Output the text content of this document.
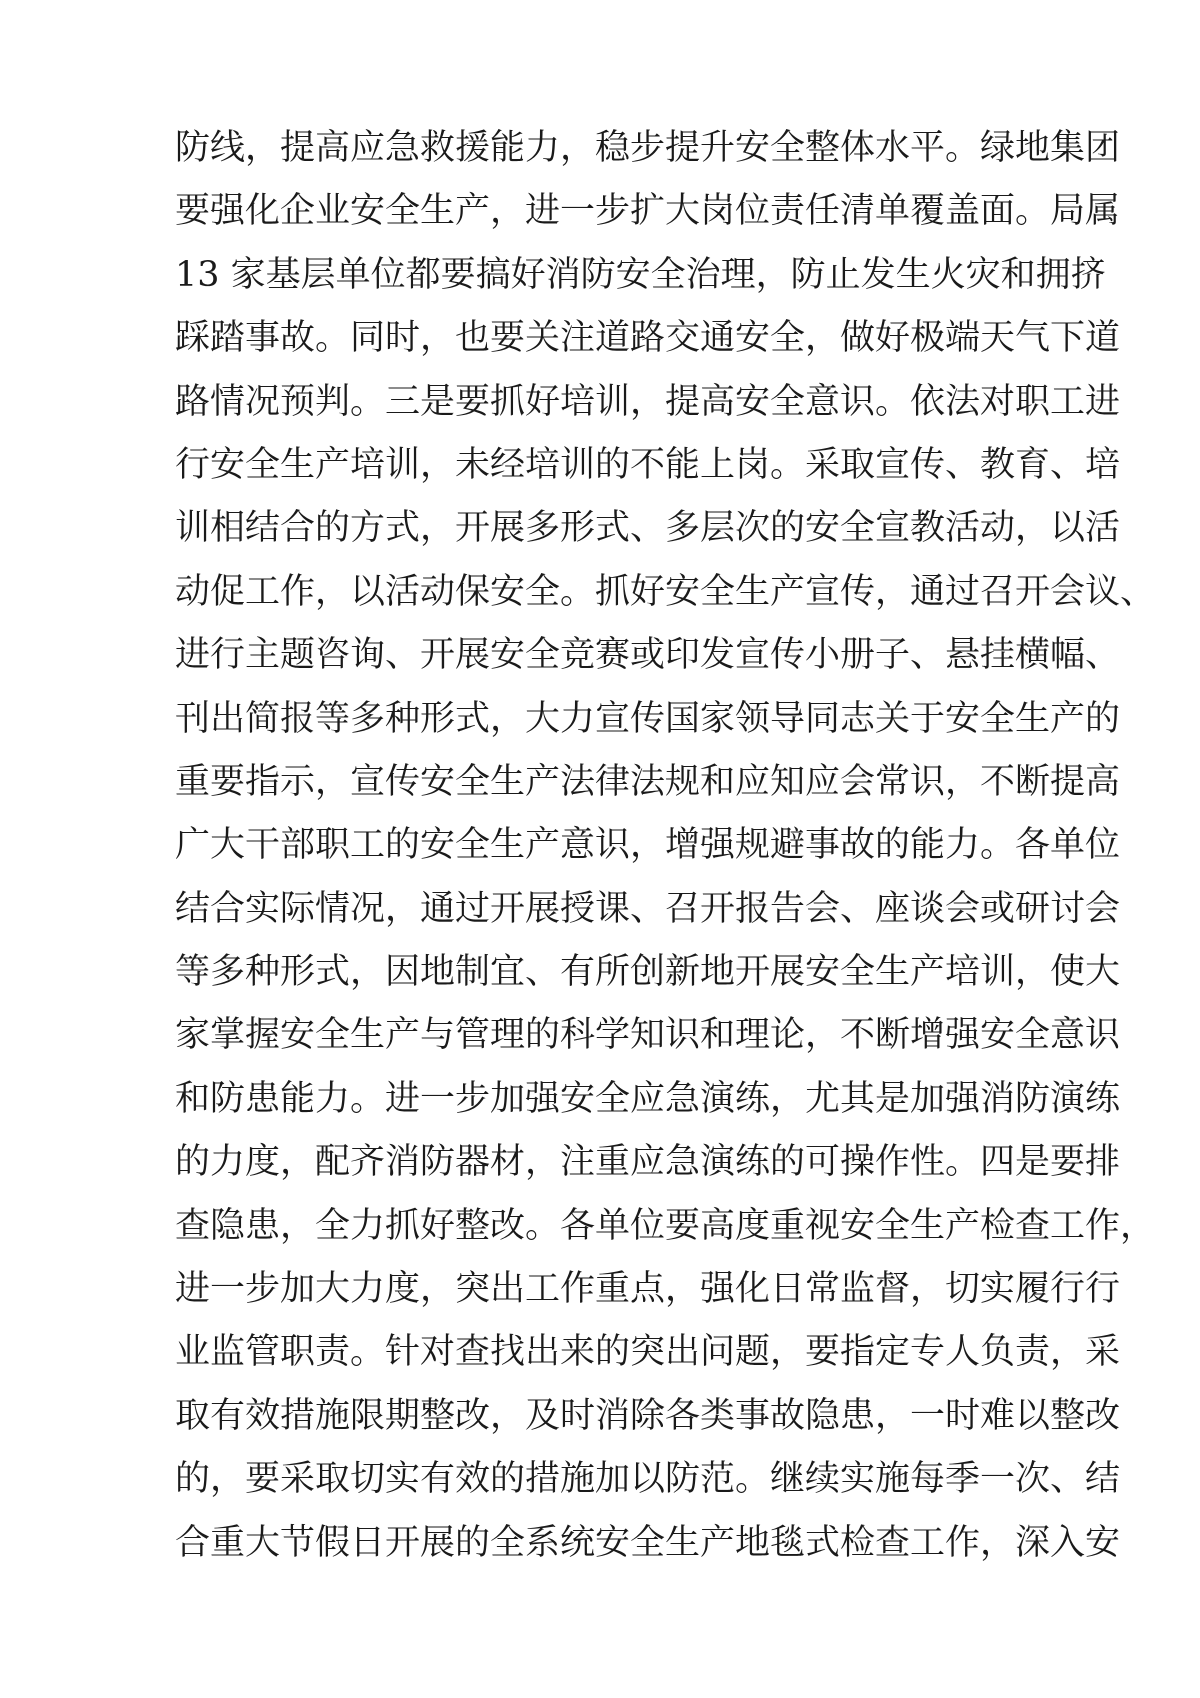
防线，提高应急救援能力，稳步提升安全整体水平。绿地集团
要强化企业安全生产，进一步扩大岗位责任清单覆盖面。局属
13 家基层单位都要搞好消防安全治理，防止发生火灾和拥挤
踩踏事故。同时，也要关注道路交通安全，做好极端天气下道
路情况预判。三是要抓好培训，提高安全意识。依法对职工进
行安全生产培训，未经培训的不能上岗。采取宣传、教育、培
训相结合的方式，开展多形式、多层次的安全宣教活动，以活
动促工作，以活动保安全。抓好安全生产宣传，通过召开会议、
进行主题咨询、开展安全竞赛或印发宣传小册子、悬挂横幅、
刊出简报等多种形式，大力宣传国家领导同志关于安全生产的
重要指示，宣传安全生产法律法规和应知应会常识，不断提高
广大干部职工的安全生产意识，增强规避事故的能力。各单位
结合实际情况，通过开展授课、召开报告会、座谈会或研讨会
等多种形式，因地制宜、有所创新地开展安全生产培训，使大
家掌握安全生产与管理的科学知识和理论，不断增强安全意识
和防患能力。进一步加强安全应急演练，尤其是加强消防演练
的力度，配齐消防器材，注重应急演练的可操作性。四是要排
查隐患，全力抓好整改。各单位要高度重视安全生产检查工作，
进一步加大力度，突出工作重点，强化日常监督，切实履行行
业监管职责。针对查找出来的突出问题，要指定专人负责，采
取有效措施限期整改，及时消除各类事故隐患，一时难以整改
的，要采取切实有效的措施加以防范。继续实施每季一次、结
合重大节假日开展的全系统安全生产地毯式检查工作，深入安
